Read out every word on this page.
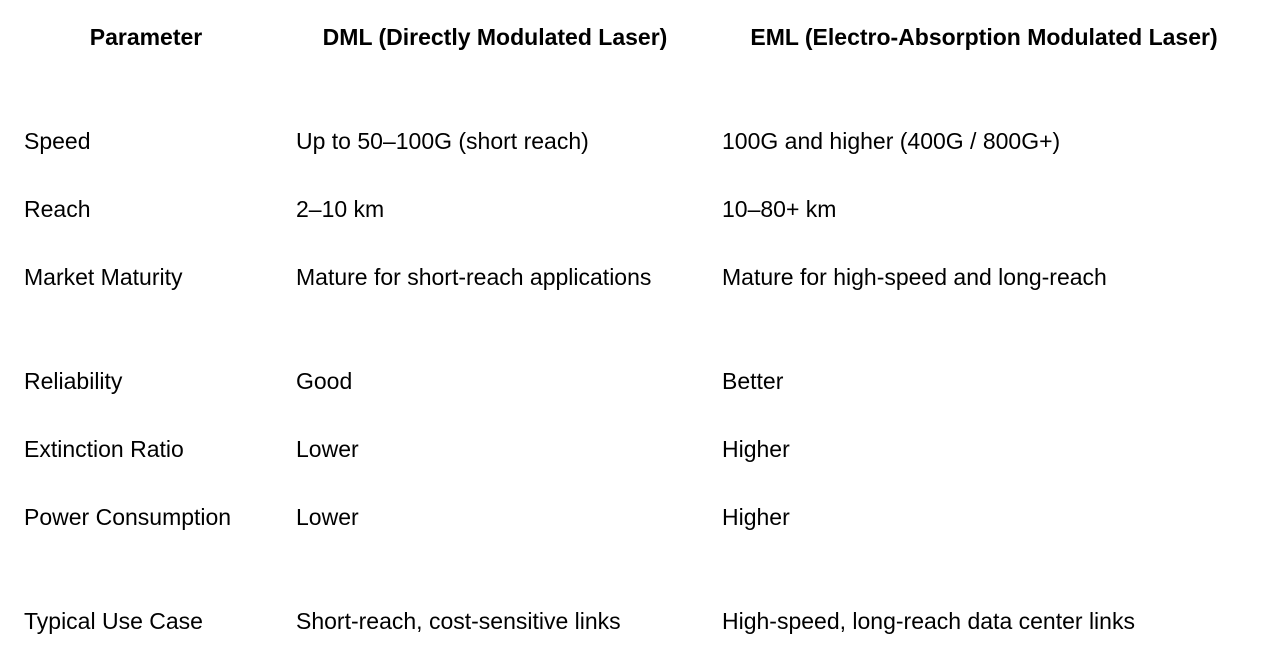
Parameter	DML (Directly Modulated Laser)	EML (Electro-Absorption Modulated Laser)
Speed	Up to 50–100G (short reach)	100G and higher (400G / 800G+)
Reach	2–10 km	10–80+ km
Market Maturity	Mature for short-reach applications	Mature for high-speed and long-reach
Reliability	Good	Better
Extinction Ratio	Lower	Higher
Power Consumption	Lower	Higher
Typical Use Case	Short-reach, cost-sensitive links	High-speed, long-reach data center links
